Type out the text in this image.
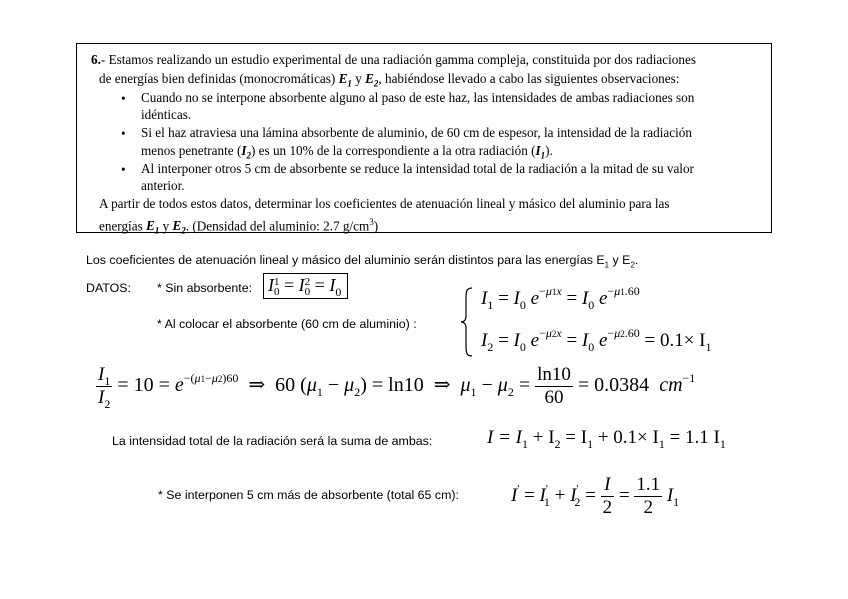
6.- Estamos realizando un estudio experimental de una radiación gamma compleja, constituida por dos radiaciones
de energías bien definidas (monocromáticas) $E_1$ y $E_2$, habiéndose llevado a cabo las siguientes observaciones:
• Cuando no se interpone absorbente alguno al paso de este haz, las intensidades de ambas radiaciones son
idénticas.
• Si el haz atraviesa una lámina absorbente de aluminio, de 60 cm de espesor, la intensidad de la radiación
menos penetrante $(I_2)$ es un 10% de la correspondiente a la otra radiación $(I_1)$.
• Al interponer otros 5 cm de absorbente se reduce la intensidad total de la radiación a la mitad de su valor
anterior.
A partir de todos estos datos, determinar los coeficientes de atenuación lineal y másico del aluminio para las
energías $E_1$ y $E_2$. (Densidad del aluminio: 2.7 $g/cm^3$)
Los coeficientes de atenuación lineal y másico del aluminio serán distintos para las energías $E_1$ y $E_2$.
DATOS: * Sin absorbente: I 1
0 = I 2
$0 = I_0$
* Al colocar el absorbente (60 cm de aluminio) :
$I_1 = I_0$ $e^{-\mu 1x} = I_0$ $e^{-\mu 1.60}$
$I_2 = I_0$ $e^{-\mu 2x} = I_0$ $e^{-\mu 2.60} = 0.1\times I_1$
$\frac{I_1}{I_2} = 10 = e^{-(\mu 1-\mu 2)60}$ ⇒ 60 $(\mu_1 - \mu_2) = \ln 10$ ⇒ $\mu_1 - \mu_2 = \frac{\ln 10}{60} = 0.0384$ $cm^{-1}$
La intensidad total de la radiación será la suma de ambas:	$I = I_1 + I_2 = I_1 + 0.1\times I_1 = 1.1$ $I_1$
* Se interponen 5 cm más de absorbente (total 65 cm):	$I' = I'_1 + I'_2 = \frac{I}{2} = \frac{1.1}{2} I_1$
